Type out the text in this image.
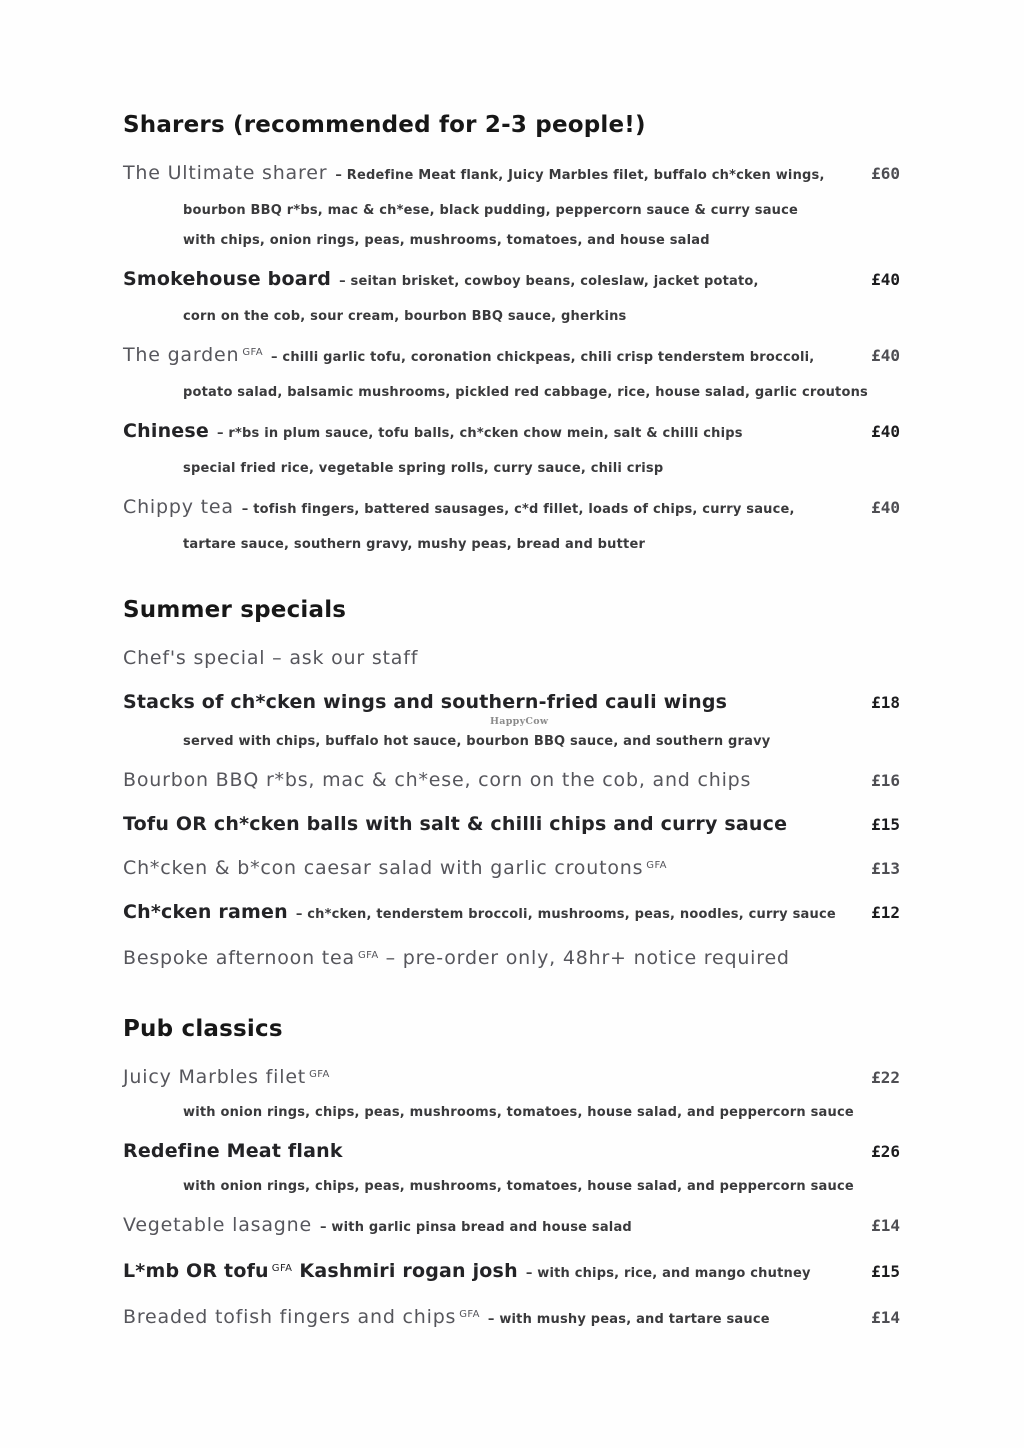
Sharers (recommended for 2-3 people!)
The Ultimate sharer – Redefine Meat flank, Juicy Marbles filet, buffalo ch*cken wings,	£60
bourbon BBQ r*bs, mac & ch*ese, black pudding, peppercorn sauce & curry sauce
with chips, onion rings, peas, mushrooms, tomatoes, and house salad
Smokehouse board – seitan brisket, cowboy beans, coleslaw, jacket potato,	£40
corn on the cob, sour cream, bourbon BBQ sauce, gherkins
The garden $^{GFA}$ – chilli garlic tofu, coronation chickpeas, chili crisp tenderstem broccoli,	£40
potato salad, balsamic mushrooms, pickled red cabbage, rice, house salad, garlic croutons
Chinese – r*bs in plum sauce, tofu balls, ch*cken chow mein, salt & chilli chips	£40
special fried rice, vegetable spring rolls, curry sauce, chili crisp
Chippy tea – tofish fingers, battered sausages, c*d fillet, loads of chips, curry sauce,	£40
tartare sauce, southern gravy, mushy peas, bread and butter
Summer specials
Chef's special – ask our staff
Stacks of ch*cken wings and southern-fried cauli wings	£18
HappyCow
served with chips, buffalo hot sauce, bourbon BBQ sauce, and southern gravy
Bourbon BBQ r*bs, mac & ch*ese, corn on the cob, and chips	£16
Tofu OR ch*cken balls with salt & chilli chips and curry sauce	£15
Ch*cken & b*con caesar salad with garlic croutons $^{GFA}$	£13
Ch*cken ramen – ch*cken, tenderstem broccoli, mushrooms, peas, noodles, curry sauce	£12
Bespoke afternoon tea $^{GFA}$ – pre-order only, 48hr+ notice required
Pub classics
Juicy Marbles filet $^{GFA}$	£22
with onion rings, chips, peas, mushrooms, tomatoes, house salad, and peppercorn sauce
Redefine Meat flank	£26
with onion rings, chips, peas, mushrooms, tomatoes, house salad, and peppercorn sauce
Vegetable lasagne – with garlic pinsa bread and house salad	£14
L*mb OR tofu $^{GFA}$ Kashmiri rogan josh – with chips, rice, and mango chutney	£15
Breaded tofish fingers and chips $^{GFA}$ – with mushy peas, and tartare sauce	£14
